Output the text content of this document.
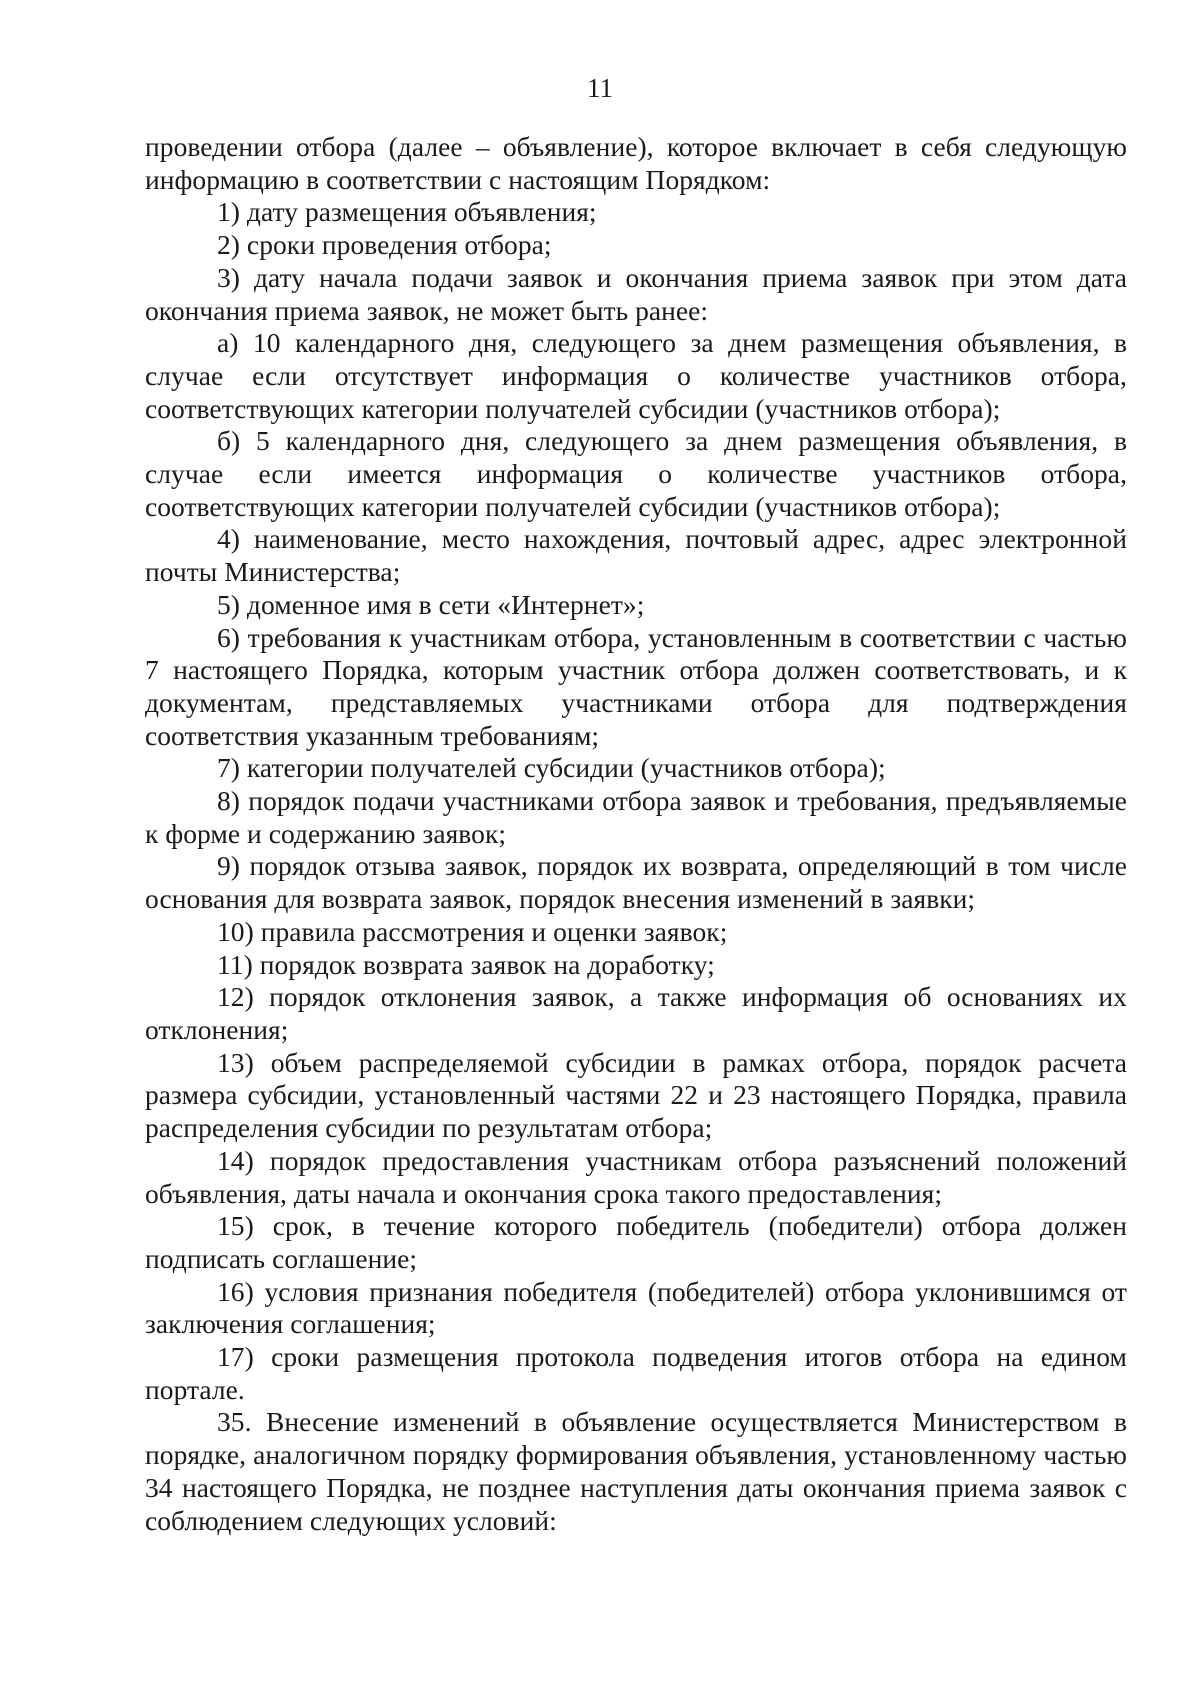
11

проведении отбора (далее – объявление), которое включает в себя следующую информацию в соответствии с настоящим Порядком:

1) дату размещения объявления;

2) сроки проведения отбора;

3) дату начала подачи заявок и окончания приема заявок при этом дата окончания приема заявок, не может быть ранее:

а) 10 календарного дня, следующего за днем размещения объявления, в случае если отсутствует информация о количестве участников отбора, соответствующих категории получателей субсидии (участников отбора);

б) 5 календарного дня, следующего за днем размещения объявления, в случае если имеется информация о количестве участников отбора, соответствующих категории получателей субсидии (участников отбора);

4) наименование, место нахождения, почтовый адрес, адрес электронной почты Министерства;

5) доменное имя в сети «Интернет»;

6) требования к участникам отбора, установленным в соответствии с частью 7 настоящего Порядка, которым участник отбора должен соответствовать, и к документам, представляемых участниками отбора для подтверждения соответствия указанным требованиям;

7) категории получателей субсидии (участников отбора);

8) порядок подачи участниками отбора заявок и требования, предъявляемые к форме и содержанию заявок;

9) порядок отзыва заявок, порядок их возврата, определяющий в том числе основания для возврата заявок, порядок внесения изменений в заявки;

10) правила рассмотрения и оценки заявок;

11) порядок возврата заявок на доработку;

12) порядок отклонения заявок, а также информация об основаниях их отклонения;

13) объем распределяемой субсидии в рамках отбора, порядок расчета размера субсидии, установленный частями 22 и 23 настоящего Порядка, правила распределения субсидии по результатам отбора;

14) порядок предоставления участникам отбора разъяснений положений объявления, даты начала и окончания срока такого предоставления;

15) срок, в течение которого победитель (победители) отбора должен подписать соглашение;

16) условия признания победителя (победителей) отбора уклонившимся от заключения соглашения;

17) сроки размещения протокола подведения итогов отбора на едином портале.

35. Внесение изменений в объявление осуществляется Министерством в порядке, аналогичном порядку формирования объявления, установленному частью 34 настоящего Порядка, не позднее наступления даты окончания приема заявок с соблюдением следующих условий:
